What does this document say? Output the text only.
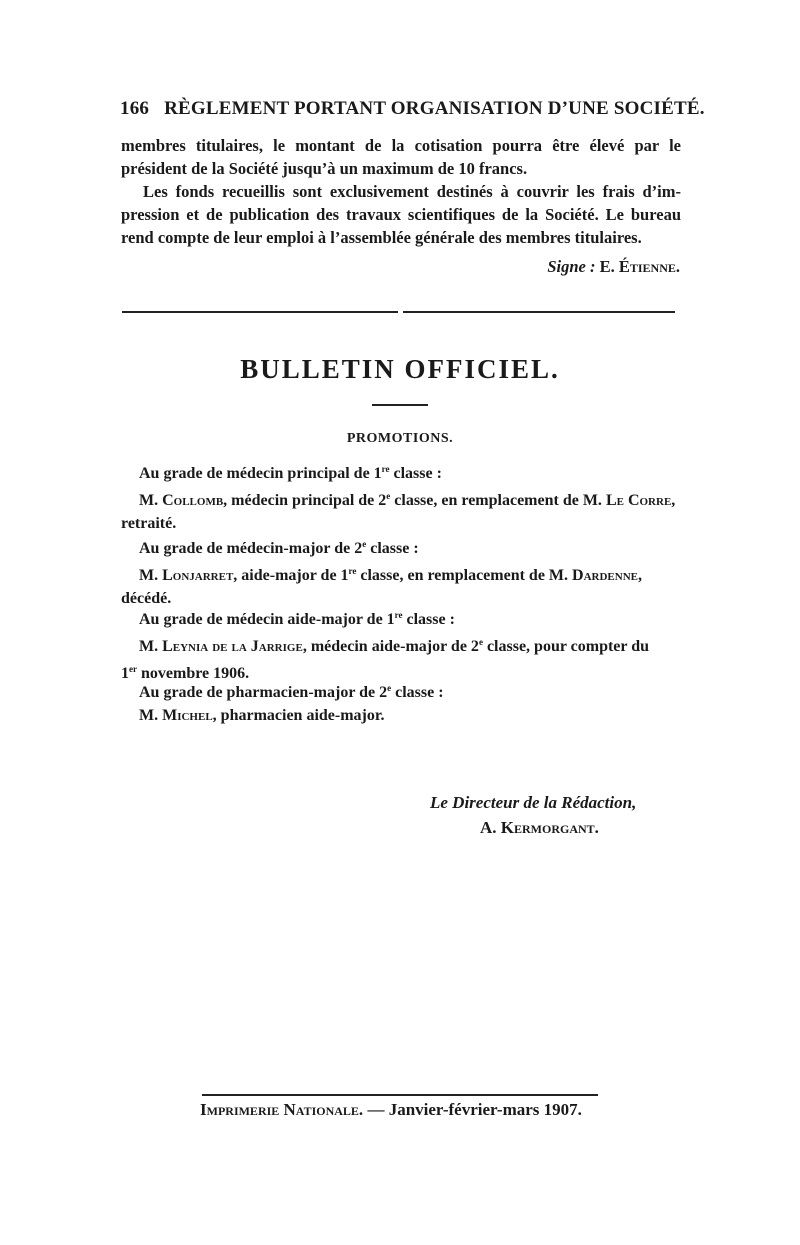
166 RÈGLEMENT PORTANT ORGANISATION D’UNE SOCIÉTÉ.
membres titulaires, le montant de la cotisation pourra être élevé par le
président de la Société jusqu’à un maximum de 10 francs.
Les fonds recueillis sont exclusivement destinés à couvrir les frais d’im-
pression et de publication des travaux scientifiques de la Société. Le bureau
rend compte de leur emploi à l’assemblée générale des membres titulaires.
Signe : E. Étienne.
BULLETIN OFFICIEL.
PROMOTIONS.
Au grade de médecin principal de 1re classe :
M. Collomb, médecin principal de 2e classe, en remplacement de M. Le Corre,
retraité.
Au grade de médecin-major de 2e classe :
M. Lonjarret, aide-major de 1re classe, en remplacement de M. Dardenne,
décédé.
Au grade de médecin aide-major de 1re classe :
M. Leynia de la Jarrige, médecin aide-major de 2e classe, pour compter du
1er novembre 1906.
Au grade de pharmacien-major de 2e classe :
M. Michel, pharmacien aide-major.
Le Directeur de la Rédaction,
A. Kermorgant.
Imprimerie Nationale. — Janvier-février-mars 1907.
